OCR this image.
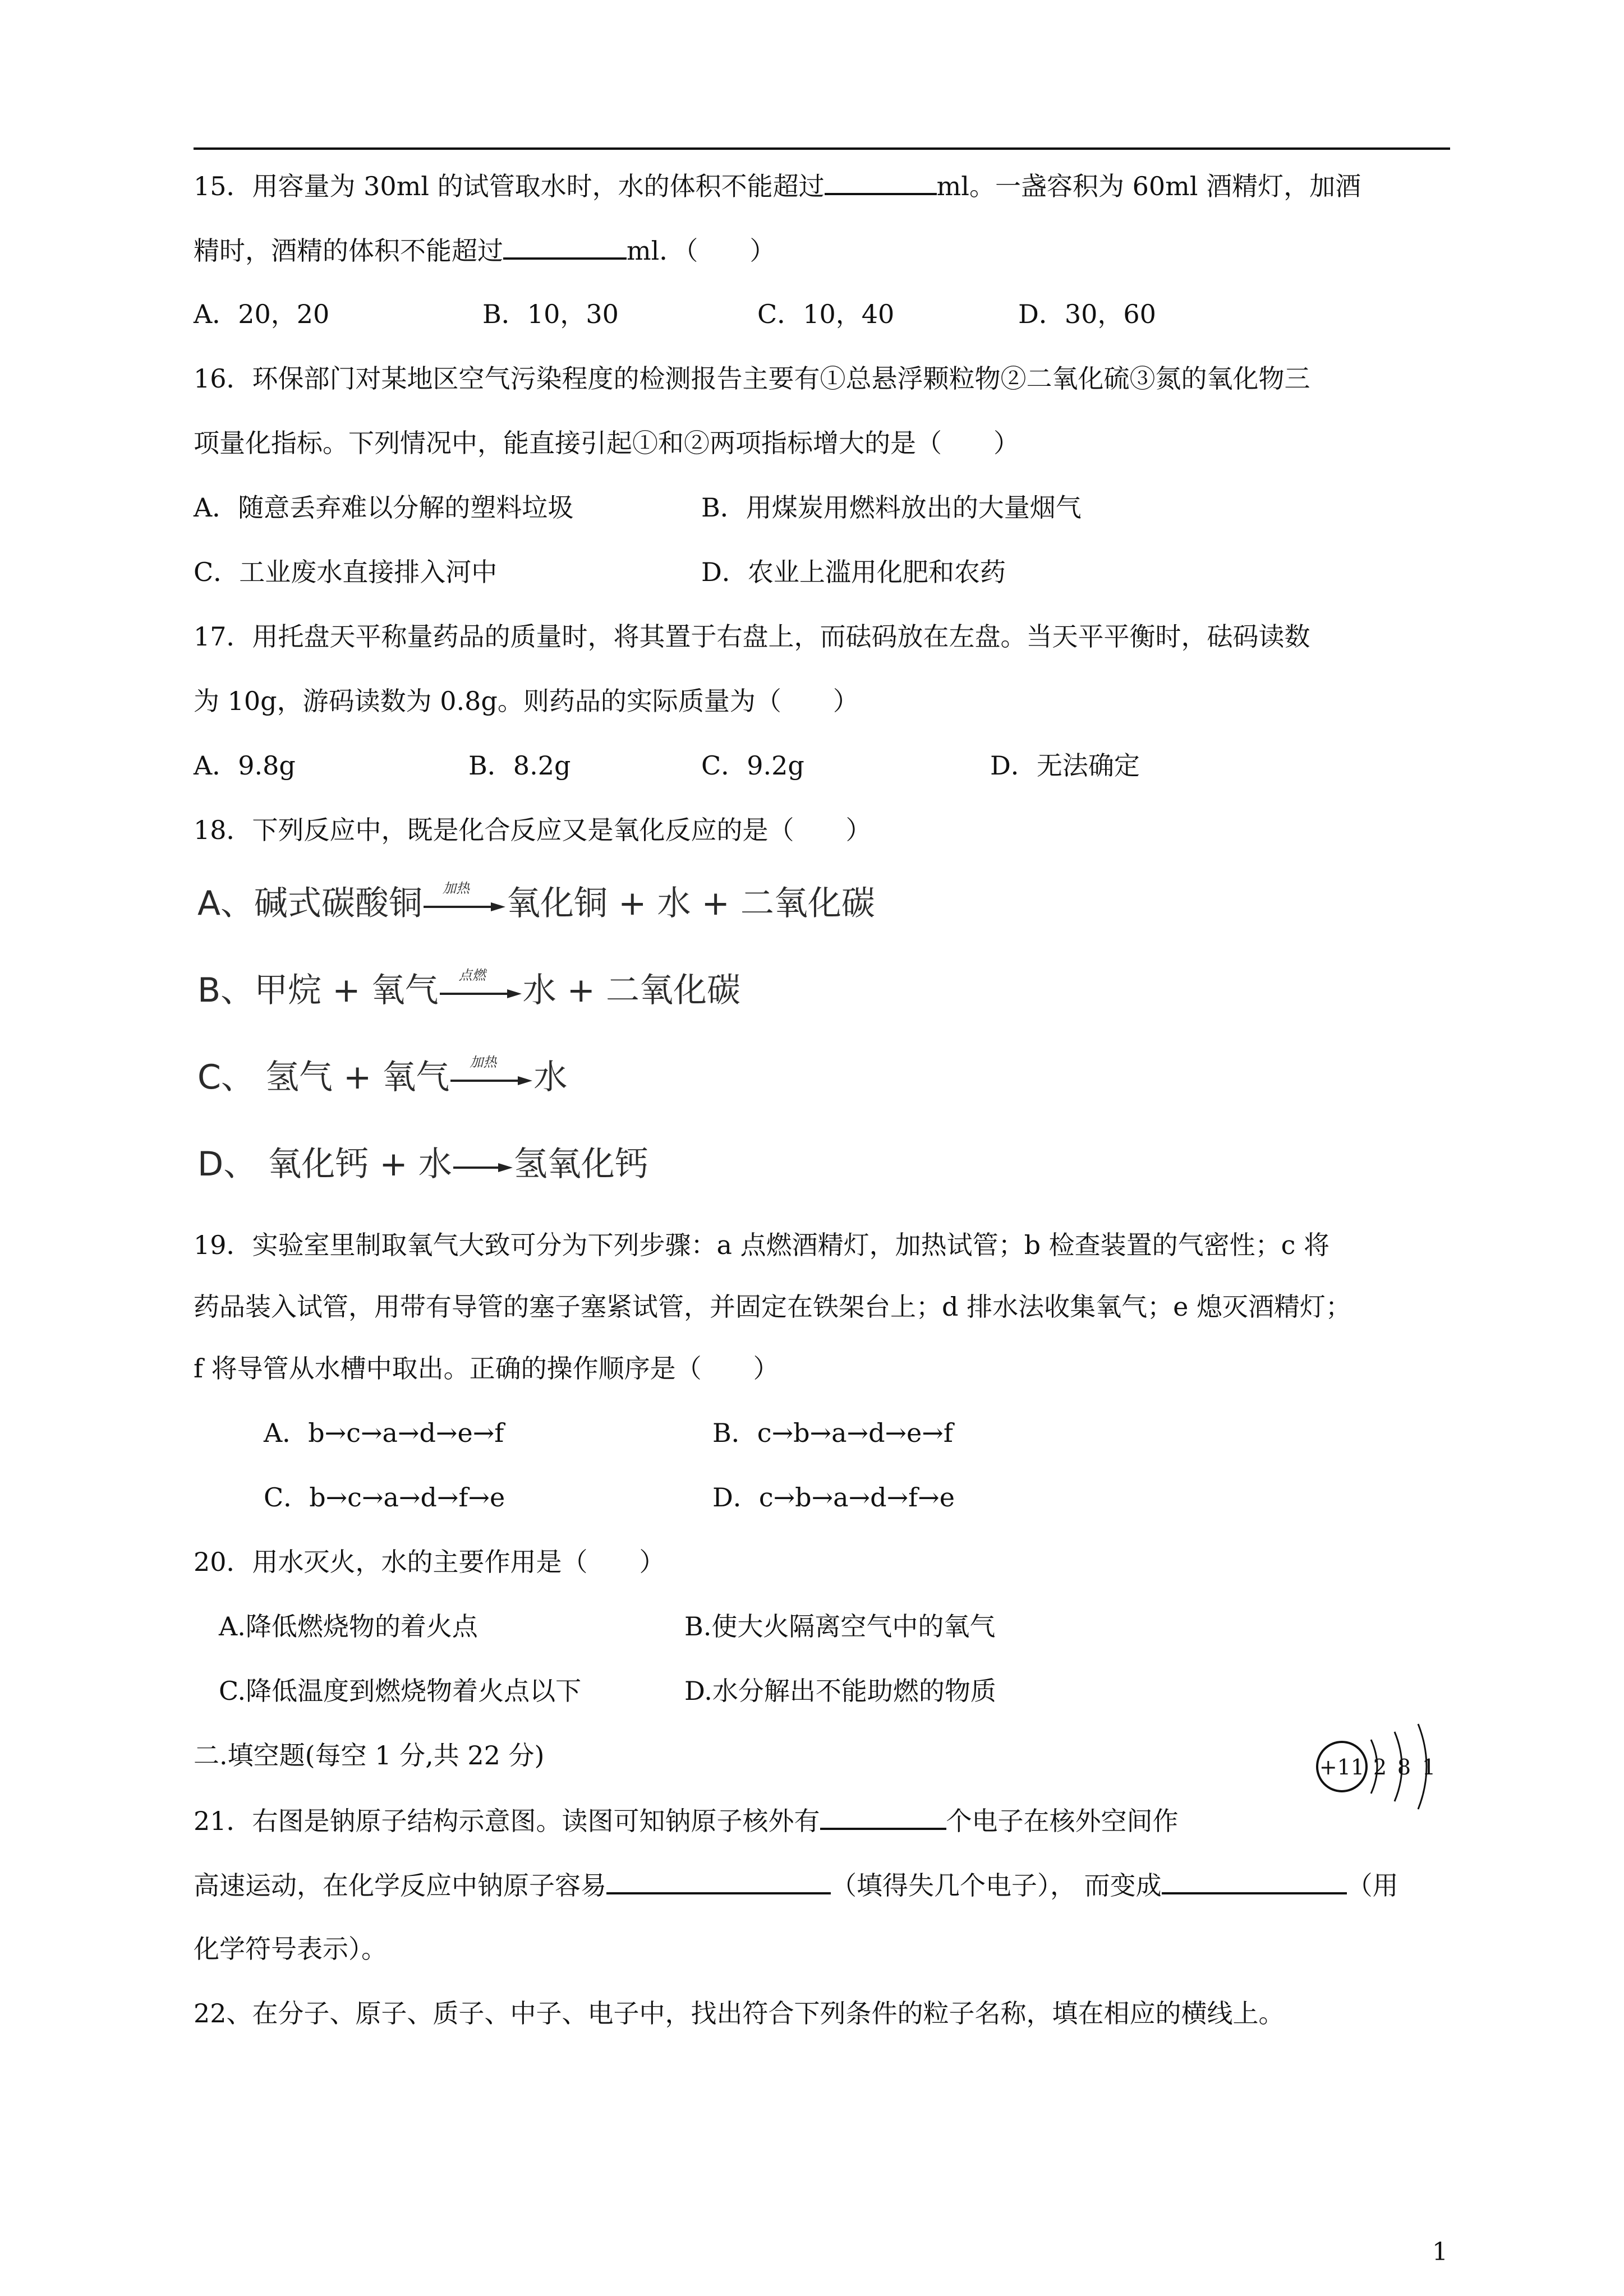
15．用容量为 30ml 的试管取水时，水的体积不能超过	ml。一盏容积为 60ml 酒精灯，加酒
精时，酒精的体积不能超过	ml．（　　）
A．20，20	B．10，30	C．10，40	D．30，60
16．环保部门对某地区空气污染程度的检测报告主要有①总悬浮颗粒物②二氧化硫③氮的氧化物三
项量化指标。下列情况中，能直接引起①和②两项指标增大的是（　　）
A．随意丢弃难以分解的塑料垃圾	B．用煤炭用燃料放出的大量烟气
C．工业废水直接排入河中	D．农业上滥用化肥和农药
17．用托盘天平称量药品的质量时，将其置于右盘上，而砝码放在左盘。当天平平衡时，砝码读数
为 10g，游码读数为 0.8g。则药品的实际质量为（　　）
A．9.8g	B．8.2g	C．9.2g	D．无法确定
18．下列反应中，既是化合反应又是氧化反应的是（　　）
A、碱式碳酸铜	加热	氧化铜 + 水 + 二氧化碳
B、甲烷 + 氧气	点燃	水 + 二氧化碳
C、 氢气 + 氧气	加热	水
D、 氧化钙 + 水 氢氧化钙
19．实验室里制取氧气大致可分为下列步骤：a 点燃酒精灯，加热试管；b 检查装置的气密性；c 将
药品装入试管，用带有导管的塞子塞紧试管，并固定在铁架台上；d 排水法收集氧气；e 熄灭酒精灯；
f 将导管从水槽中取出。正确的操作顺序是（　　）
A．b→c→a→d→e→f	B．c→b→a→d→e→f
C．b→c→a→d→f→e	D．c→b→a→d→f→e
20．用水灭火，水的主要作用是（　　）
A.降低燃烧物的着火点	B.使大火隔离空气中的氧气
C.降低温度到燃烧物着火点以下	D.水分解出不能助燃的物质
二.填空题(每空 1 分,共 22 分)	+11 2 8 1
21．右图是钠原子结构示意图。读图可知钠原子核外有	个电子在核外空间作
高速运动，在化学反应中钠原子容易	（填得失几个电子）， 而变成	（用
化学符号表示）。
22、在分子、原子、质子、中子、电子中，找出符合下列条件的粒子名称，填在相应的横线上。
1
